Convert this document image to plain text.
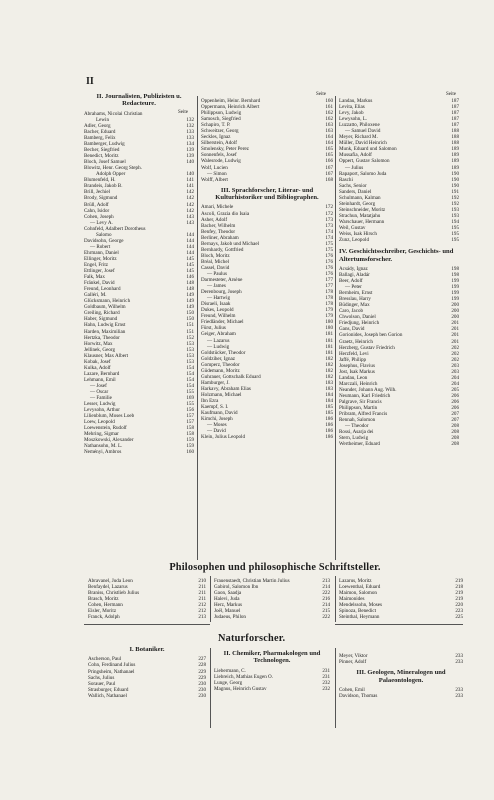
II
II. Journalisten, Publizisten u. Redacteure.
Abrahams, Nicolai Christian
Lewin	132
Adler, Georg	132
Bacher, Eduard	133
Bamberg, Felix	133
Bamberger, Ludwig	134
Becher, Siegfried	139
Benedict, Moritz	139
Bloch, Josef Samuel	140
Blowitz, Henr. Georg Steph.
Adolph Opper	140
Blumenfeld, H.	141
Brandeis, Jakob B.	141
Brill, Jechiel	142
Brody, Sigmund	142
Brüll, Adolf	142
Cahn, Isidor	142
Cohen, Joseph	143
— Levy A.	143
Cohnfeld, Adalbert Dorotheus
Salomo	144
Davidsohn, George	144
— Robert	144
Ehrmann, Daniel	144
Ellinger, Moritz	145
Engel, Fritz	145
Ettlinger, Josef	145
Falk, Max	146
Fränkel, David	148
Freund, Leonhard	148
Galléri, M.	149
Glücksmann, Heinrich	149
Goldbaum, Wilhelm	149
Greiling, Richard	150
Haber, Sigmund	150
Hahn, Ludwig Ernst	151
Harden, Maximilian	151
Hertzka, Theodor	152
Horwitz, Max	153
Jellinek, Georg	153
Klausner, Max Albert	153
Kobak, Josef	153
Kulka, Adolf	154
Lazare, Bernhard	154
Lehmann, Emil	154
— Josef	154
— Oscar	155
— Familie	169
Lesser, Ludwig	155
Levysohn, Arthur	156
Lilienblum, Moses Loeb	157
Loew, Leopold	157
Loewenstein, Rudolf	158
Mehring, Sigmar	158
Moszkowski, Alexander	159
Nathansohn, M. L.	159
Neményi, Ambros	160
Seite
Seite
Oppenheim, Heinr. Bernhard	160
Oppermann, Heinrich Albert	161
Philippson, Ludwig	162
Samosch, Siegfried	162
Schapiro, T. P.	163
Schweitzer, Georg	163
Seckles, Ignaz	164
Silberstein, Adolf	164
Smolensky, Peter Perez	165
Sonnenfels, Josef	165
Walesrode, Ludwig	166
Wolf, Lucien	167
— Simon	167
Wolff, Albert	168
III. Sprachforscher, Literar- und Kulturhistoriker und Bibliographen.
Amari, Michele	172
Ascoli, Grazia dio Isaia	172
Asher, Adolf	173
Bacher, Wilhelm	173
Benfey, Theodor	174
Berliner, Abraham	174
Bernays, Jakob und Michael	175
Bernhardy, Gottfried	175
Bloch, Moritz	176
Bréal, Michel	176
Cassel, David	176
— Paulus	176
Darmesteter, Arsène	177
— James	177
Derenbourg, Joseph	178
— Hartwig	178
Disraeli, Isaak	178
Dukes, Leopold	179
Freund, Wilhelm	179
Friedländer, Michael	180
Fürst, Julius	180
Geiger, Abraham	181
— Lazarus	181
— Ludwig	181
Goldstücker, Theodor	181
Goldziher, Ignaz	182
Gomperz, Theodor	182
Güdemann, Moritz	182
Guhrauer, Gottschalk Eduard	182
Hamburger, J.	183
Harkavy, Abraham Elias	183
Holzmann, Michael	184
Ibn Ezra	184
Kaempf, S. I.	185
Kaufmann, David	185
Kimchi, Joseph	186
— Moses	186
— David	186
Klein, Julius Leopold	186
Seite
Landau, Markus	187
Levita, Elias	187
Levy, Jakob	187
Lewysohn, L.	187
Luzzatto, Philoxene	187
— Samuel David	188
Meyer, Richard M.	188
Müller, David Heinrich	188
Munk, Eduard und Salomon	189
Mussafia, Adolf	189
Oppert, Gustav Salomon	189
— Julius	189
Rapaport, Salomo Juda	190
Raschi	190
Sachs, Senior	190
Sanders, Daniel	191
Schulmann, Kalman	192
Steinhardt, Georg	192
Steinschneider, Moritz	193
Strachun, Matatjahu	193
Warschauer, Hermann	194
Weil, Gustav	195
Weiss, Isak Hirsch	195
Zunz, Leopold	195
IV. Geschichtsschreiber, Geschichts- und Altertumsforscher.
Acsády, Ignaz	198
Ballagi, Aladár	198
Beer, Adolf	199
— Peter	199
Bernheim, Ernst	199
Bresslau, Harry	199
Büdinger, Max	200
Caro, Jacob	200
Chwolson, Daniel	200
Friedjung, Heinrich	201
Gans, David	201
Gorionides, Joseph ben Gorion	201
Graetz, Heinrich	201
Herzberg, Gustav Friedrich	202
Herzfeld, Levi	202
Jaffé, Philipp	202
Josephus, Flavius	203
Jost, Isak Markus	203
Landau, Leon	204
Marczali, Heinrich	204
Neander, Johann Aug. Wilh.	205
Neumann, Karl Friedrich	206
Palgrave, Sir Francis	206
Philippson, Martin	206
Pribram, Alfred Francis	207
Rennah, Salomon	207
— Theodor	208
Rossi, Asarja dei	208
Stern, Ludwig	208
Wertheimer, Eduard	208
Philosophen und philosophische Schriftsteller.
Abravanel, Juda Leon	210
Benfaydel, Lazarus	211
Braniss, Christlieb Julius	211
Brasch, Moritz	211
Cohen, Hermann	212
Eisler, Moritz	212
Franck, Adolph	213
Frauenstaedt, Christian Martin Julius	213
Gabirol, Salomon Ibn	214
Gaon, Saadja	222
Halevi, Juda	216
Herz, Markus	214
Joël, Manuel	215
Judaeus, Philon	222
Lazarus, Moritz	219
Loewenthal, Eduard	218
Maimon, Salomon	219
Maimonides	219
Mendelssohn, Moses	220
Spinoza, Benedict	223
Steinthal, Heymann	225
Naturforscher.
I. Botaniker.
Ascherson, Paul	227
Cohn, Ferdinand Julius	228
Pringsheim, Nathanael	229
Sachs, Julius	229
Sorauer, Paul	230
Strasburger, Eduard	230
Wallich, Nathanael	230
II. Chemiker, Pharmakologen und Technologen.
Liebermann, C.	231
Liebreich, Mathias Eugen O.	231
Lunge, Georg	232
Magnus, Heinrich Gustav	232
Meyer, Viktor	233
Pinner, Adolf	233
III. Geologen, Mineralogen und Palaeontologen.
Cohen, Emil	233
Davidson, Thomas	233
